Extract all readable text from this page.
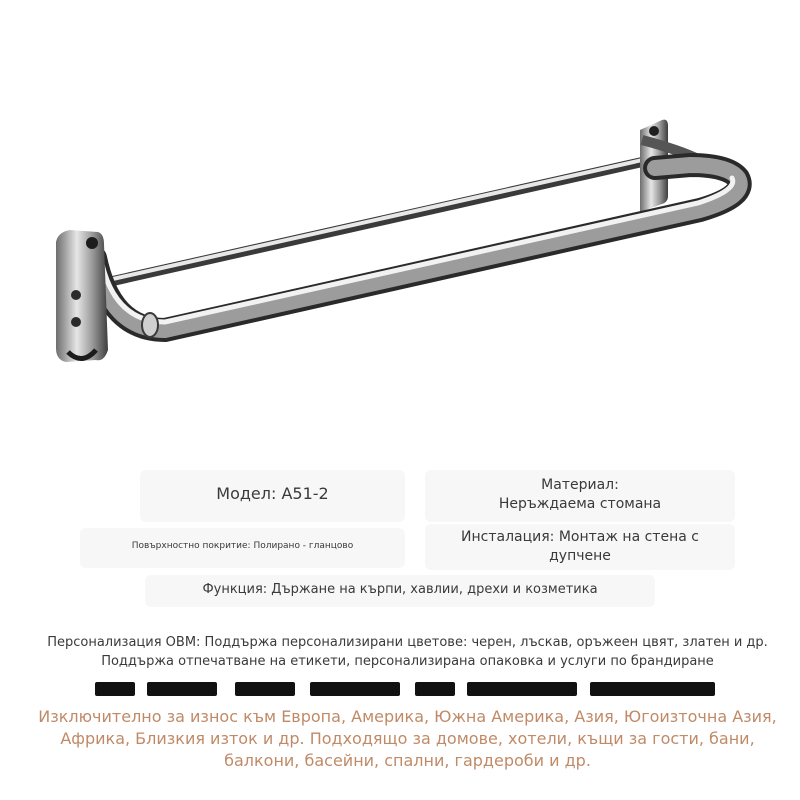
Модел: A51-2
Повърхностно покритие: Полирано - гланцово
Материал:
Неръждаема стомана
Инсталация: Монтаж на стена с дупчене
Функция: Държане на кърпи, хавлии, дрехи и козметика
Персонализация OBM: Поддържа персонализирани цветове: черен, лъскав, оръжеен цвят, златен и др. Поддържа отпечатване на етикети, персонализирана опаковка и услуги по брандиране
Изключително за износ към Европа, Америка, Южна Америка, Азия, Югоизточна Азия, Африка, Близкия изток и др. Подходящо за домове, хотели, къщи за гости, бани, балкони, басейни, спални, гардероби и др.
